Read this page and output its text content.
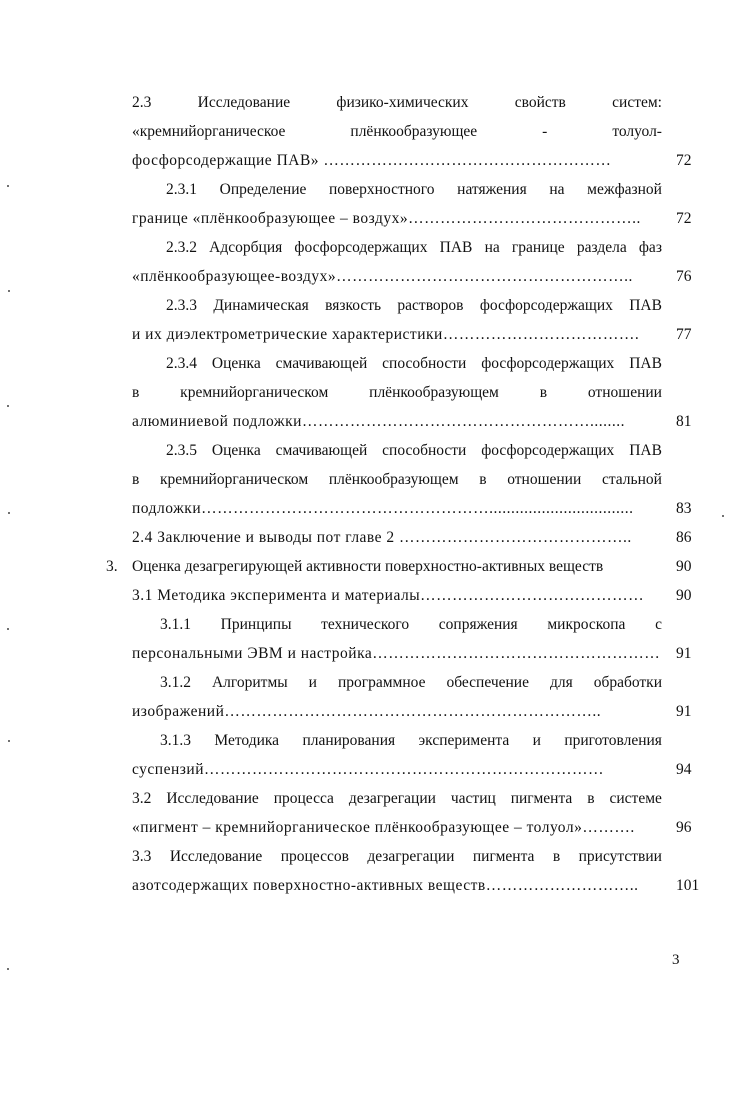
2.3	Исследование	физико-химических	свойств	систем:
«кремнийорганическое	плёнкообразующее	-	толуол-
фосфорсодержащие ПАВ» ………………………………………………	72
2.3.1 Определение поверхностного натяжения на межфазной
границе «плёнкообразующее – воздух»…………………………………….. 72
2.3.2 Адсорбция фосфорсодержащих ПАВ на границе раздела фаз
«плёнкообразующее-воздух»………………………………………………..	76
2.3.3 Динамическая вязкость растворов фосфорсодержащих ПАВ
и их диэлектрометрические характеристики………………………………. 77
2.3.4 Оценка смачивающей способности фосфорсодержащих ПАВ
в	кремнийорганическом	плёнкообразующем	в	отношении
алюминиевой подложки………………………………………………........	81
2.3.5 Оценка смачивающей способности фосфорсодержащих ПАВ
в кремнийорганическом плёнкообразующем в отношении стальной
подложки……………………………………………….................................	83
2.4 Заключение и выводы пот главе 2 ……………………………………..	86
3. Оценка дезагрегирующей активности поверхностно-активных веществ	90
3.1 Методика эксперимента и материалы…………………………………… 90
3.1.1 Принципы технического сопряжения микроскопа с
персональными ЭВМ и настройка……………………………………………… 91
3.1.2 Алгоритмы и программное обеспечение для обработки
изображений……………………………………………………………..	91
3.1.3 Методика планирования эксперимента и приготовления
суспензий…………………………………………………………………	94
3.2 Исследование процесса дезагрегации частиц пигмента в системе
«пигмент – кремнийорганическое плёнкообразующее – толуол»……….	96
3.3 Исследование процессов дезагрегации пигмента в присутствии
азотсодержащих поверхностно-активных веществ……………………….. 101
3
